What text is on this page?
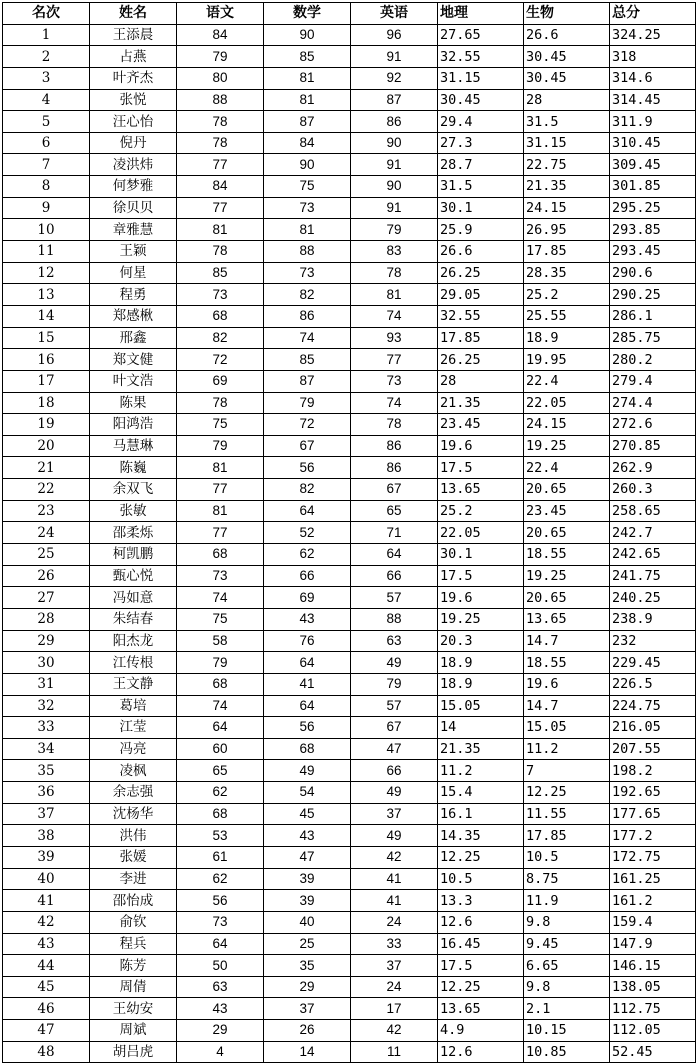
名次	姓名	语文	数学	英语	地理	生物	总分
1	王添晨	84	90	96	27.65	26.6	324.25
2	占燕	79	85	91	32.55	30.45	318
3	叶齐杰	80	81	92	31.15	30.45	314.6
4	张悦	88	81	87	30.45	28	314.45
5	汪心怡	78	87	86	29.4	31.5	311.9
6	倪丹	78	84	90	27.3	31.15	310.45
7	凌洪炜	77	90	91	28.7	22.75	309.45
8	何梦雅	84	75	90	31.5	21.35	301.85
9	徐贝贝	77	73	91	30.1	24.15	295.25
10	章雅慧	81	81	79	25.9	26.95	293.85
11	王颖	78	88	83	26.6	17.85	293.45
12	何星	85	73	78	26.25	28.35	290.6
13	程勇	73	82	81	29.05	25.2	290.25
14	郑感楸	68	86	74	32.55	25.55	286.1
15	邢鑫	82	74	93	17.85	18.9	285.75
16	郑文健	72	85	77	26.25	19.95	280.2
17	叶文浩	69	87	73	28	22.4	279.4
18	陈果	78	79	74	21.35	22.05	274.4
19	阳鸿浩	75	72	78	23.45	24.15	272.6
20	马慧琳	79	67	86	19.6	19.25	270.85
21	陈巍	81	56	86	17.5	22.4	262.9
22	余双飞	77	82	67	13.65	20.65	260.3
23	张敏	81	64	65	25.2	23.45	258.65
24	邵柔烁	77	52	71	22.05	20.65	242.7
25	柯凯鹏	68	62	64	30.1	18.55	242.65
26	甄心悦	73	66	66	17.5	19.25	241.75
27	冯如意	74	69	57	19.6	20.65	240.25
28	朱结春	75	43	88	19.25	13.65	238.9
29	阳杰龙	58	76	63	20.3	14.7	232
30	江传根	79	64	49	18.9	18.55	229.45
31	王文静	68	41	79	18.9	19.6	226.5
32	葛培	74	64	57	15.05	14.7	224.75
33	江莹	64	56	67	14	15.05	216.05
34	冯亮	60	68	47	21.35	11.2	207.55
35	凌枫	65	49	66	11.2	7	198.2
36	余志强	62	54	49	15.4	12.25	192.65
37	沈杨华	68	45	37	16.1	11.55	177.65
38	洪伟	53	43	49	14.35	17.85	177.2
39	张媛	61	47	42	12.25	10.5	172.75
40	李进	62	39	41	10.5	8.75	161.25
41	邵怡成	56	39	41	13.3	11.9	161.2
42	俞钦	73	40	24	12.6	9.8	159.4
43	程兵	64	25	33	16.45	9.45	147.9
44	陈芳	50	35	37	17.5	6.65	146.15
45	周倩	63	29	24	12.25	9.8	138.05
46	王幼安	43	37	17	13.65	2.1	112.75
47	周斌	29	26	42	4.9	10.15	112.05
48	胡吕虎	4	14	11	12.6	10.85	52.45
